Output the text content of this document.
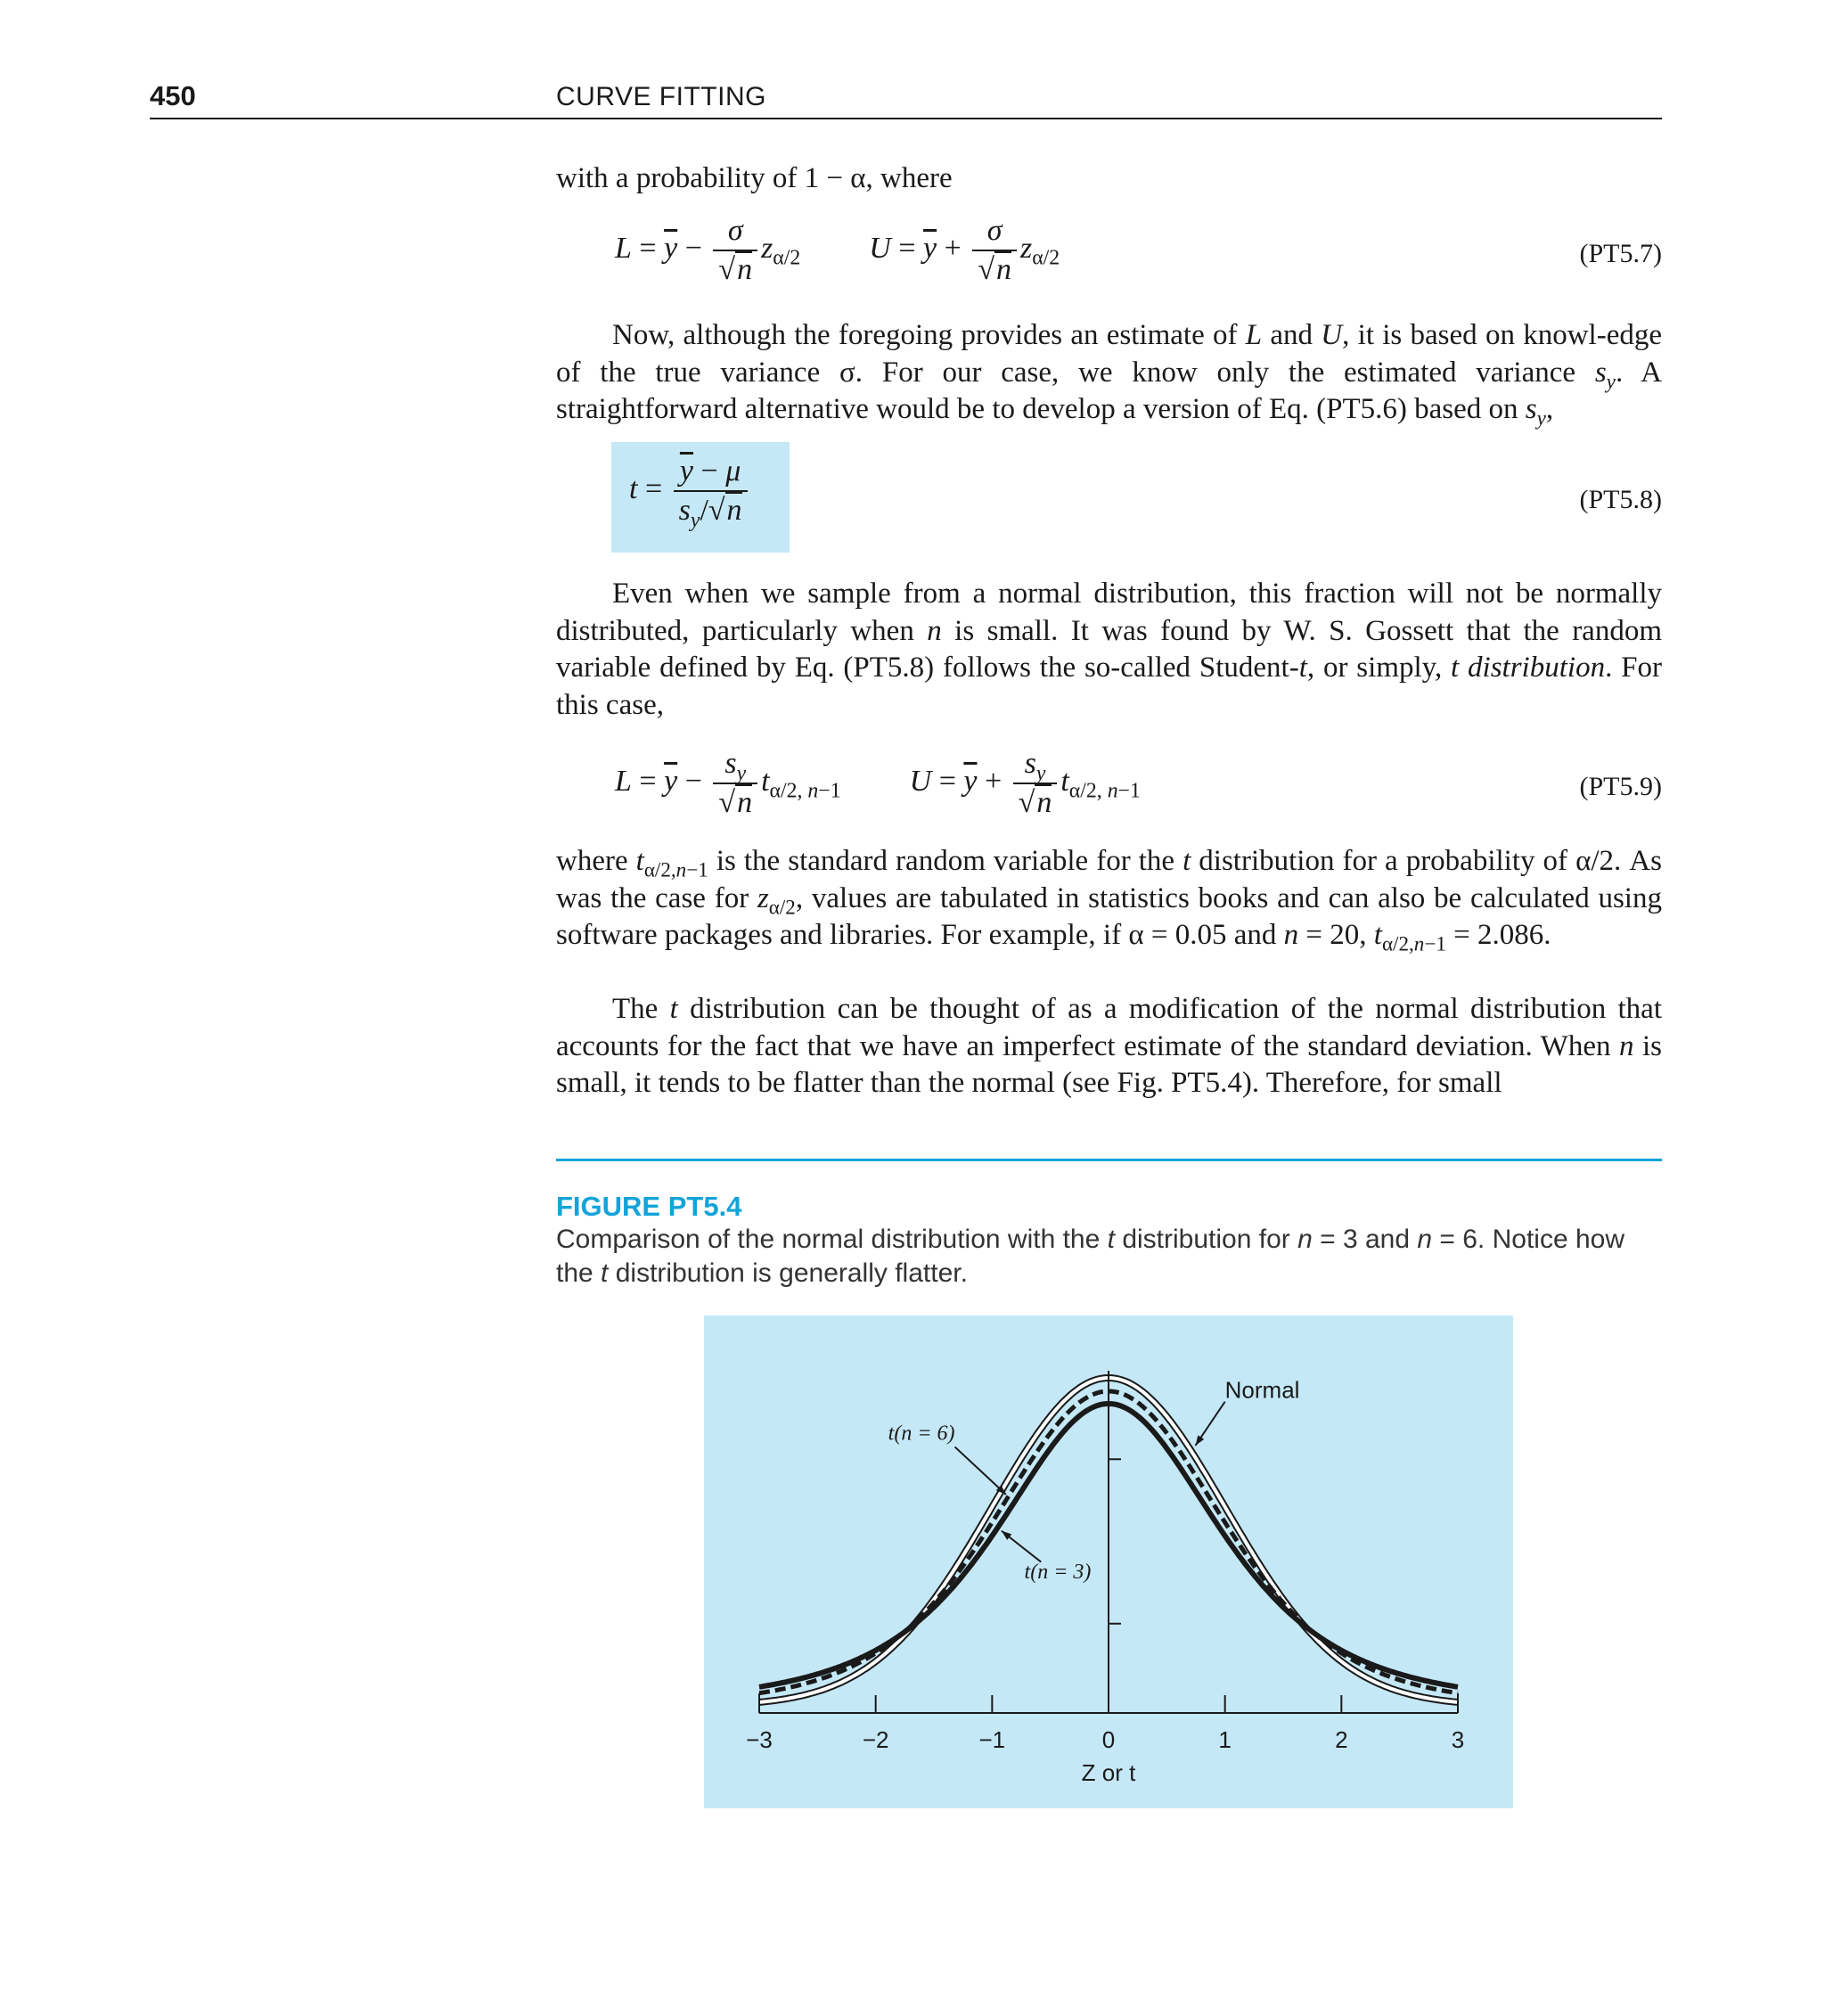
450	CURVE FITTING
with a probability of 1 − α, where
$L = \overline{y} - \frac{\sigma}{√n} z_{\alpha/2}$ $U = \overline{y} + \frac{\sigma}{√n} z_{\alpha/2}$	(PT5.7)
Now, although the foregoing provides an estimate of L and U, it is based on knowl-edge of the true variance σ. For our case, we know only the estimated variance $s_y$. A straightforward alternative would be to develop a version of Eq. (PT5.6) based on $s_y$,
$t = \frac{\overline{y} - \mu}{s_y/√n}$	(PT5.8)
Even when we sample from a normal distribution, this fraction will not be normally distributed, particularly when n is small. It was found by W. S. Gossett that the random variable defined by Eq. (PT5.8) follows the so-called Student-t, or simply, t distribution. For this case,
$L = \overline{y} - \frac{s_y}{√n} t_{\alpha/2, n-1}$ $U = \overline{y} + \frac{s_y}{√n} t_{\alpha/2, n-1}$	(PT5.9)
where $t_{\alpha/2,n-1}$ is the standard random variable for the t distribution for a probability of α/2. As was the case for $z_{\alpha/2}$, values are tabulated in statistics books and can also be calculated using software packages and libraries. For example, if α = 0.05 and n = 20, $t_{\alpha/2,n-1} = 2.086$.
The t distribution can be thought of as a modification of the normal distribution that accounts for the fact that we have an imperfect estimate of the standard deviation. When n is small, it tends to be flatter than the normal (see Fig. PT5.4). Therefore, for small
FIGURE PT5.4
Comparison of the normal distribution with the t distribution for n = 3 and n = 6. Notice how the t distribution is generally flatter.
−3	−2	−1	0	1	2	3
Normal
t(n = 6)
t(n = 3)
Z or t
